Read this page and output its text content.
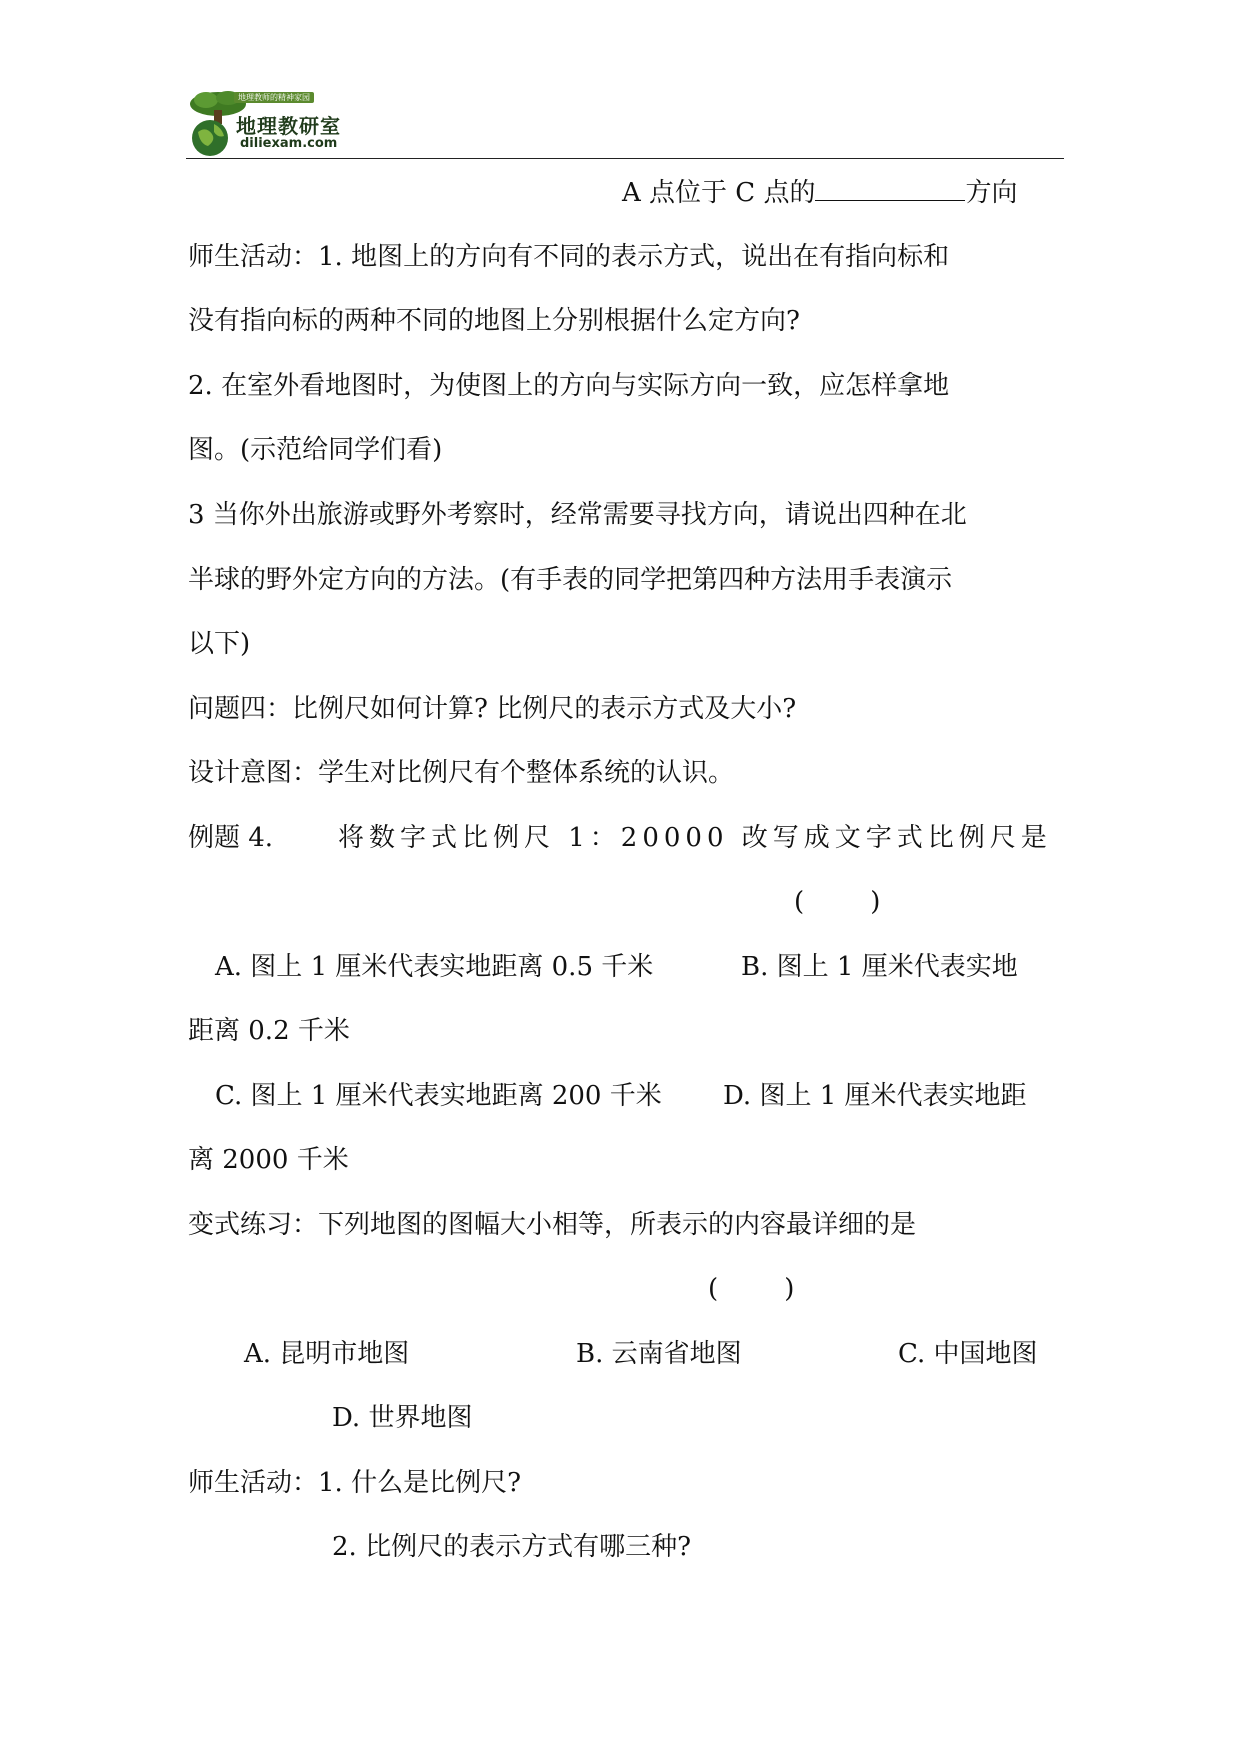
地理教师的精神家园
地理教研室
diliexam.com
A 点位于 C 点的	方向
师生活动：1. 地图上的方向有不同的表示方式，说出在有指向标和
没有指向标的两种不同的地图上分别根据什么定方向?
2. 在室外看地图时，为使图上的方向与实际方向一致，应怎样拿地
图。(示范给同学们看)
3 当你外出旅游或野外考察时，经常需要寻找方向，请说出四种在北
半球的野外定方向的方法。(有手表的同学把第四种方法用手表演示
以下)
问题四：比例尺如何计算? 比例尺的表示方式及大小?
设计意图：学生对比例尺有个整体系统的认识。
例题 4. 将数字式比例尺 1：20000 改写成文字式比例尺是
(        )
A. 图上 1 厘米代表实地距离 0.5 千米	B. 图上 1 厘米代表实地
距离 0.2 千米
C. 图上 1 厘米代表实地距离 200 千米 D. 图上 1 厘米代表实地距
离 2000 千米
变式练习：下列地图的图幅大小相等，所表示的内容最详细的是
(        )
A. 昆明市地图	B. 云南省地图	C. 中国地图
D. 世界地图
师生活动：1. 什么是比例尺?
2. 比例尺的表示方式有哪三种?
